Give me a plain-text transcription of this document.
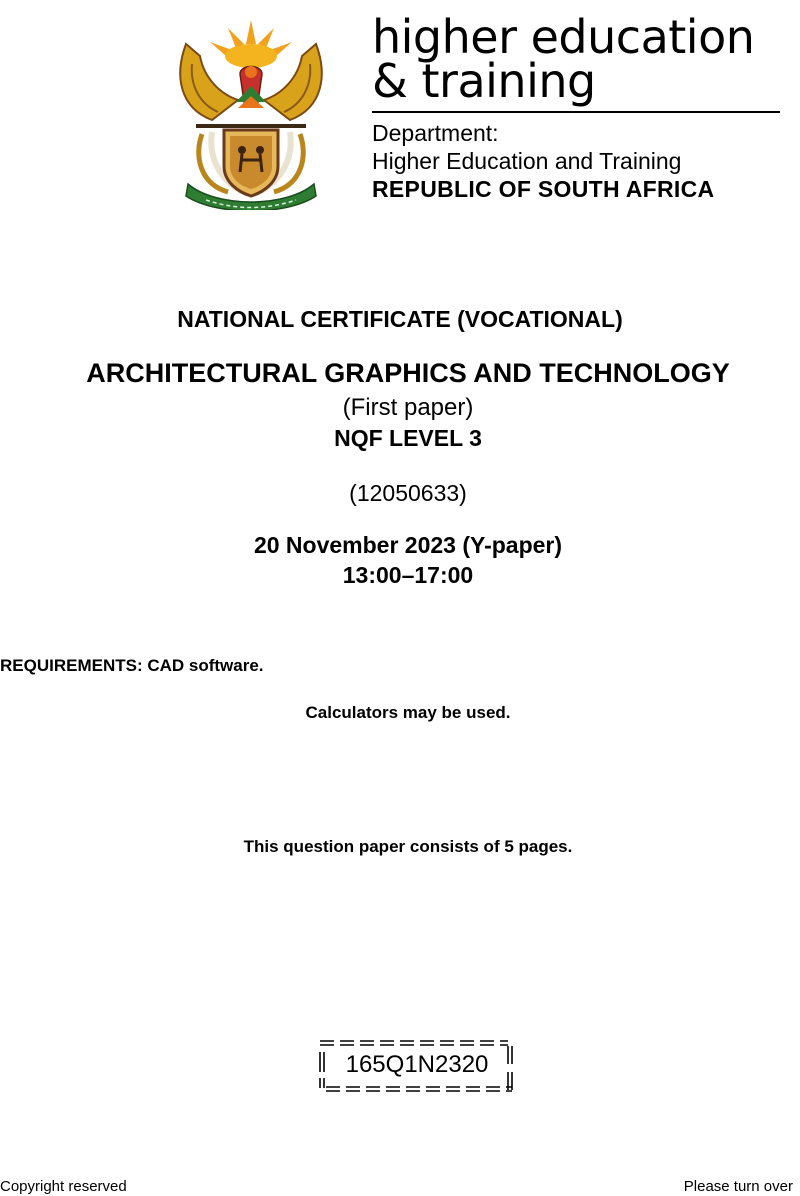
higher education
& training
Department:
Higher Education and Training
REPUBLIC OF SOUTH AFRICA
NATIONAL CERTIFICATE (VOCATIONAL)
ARCHITECTURAL GRAPHICS AND TECHNOLOGY
(First paper)
NQF LEVEL 3
(12050633)
20 November 2023 (Y-paper)
13:00–17:00
REQUIREMENTS: CAD software.
Calculators may be used.
This question paper consists of 5 pages.
165Q1N2320
Copyright reserved	Please turn over
